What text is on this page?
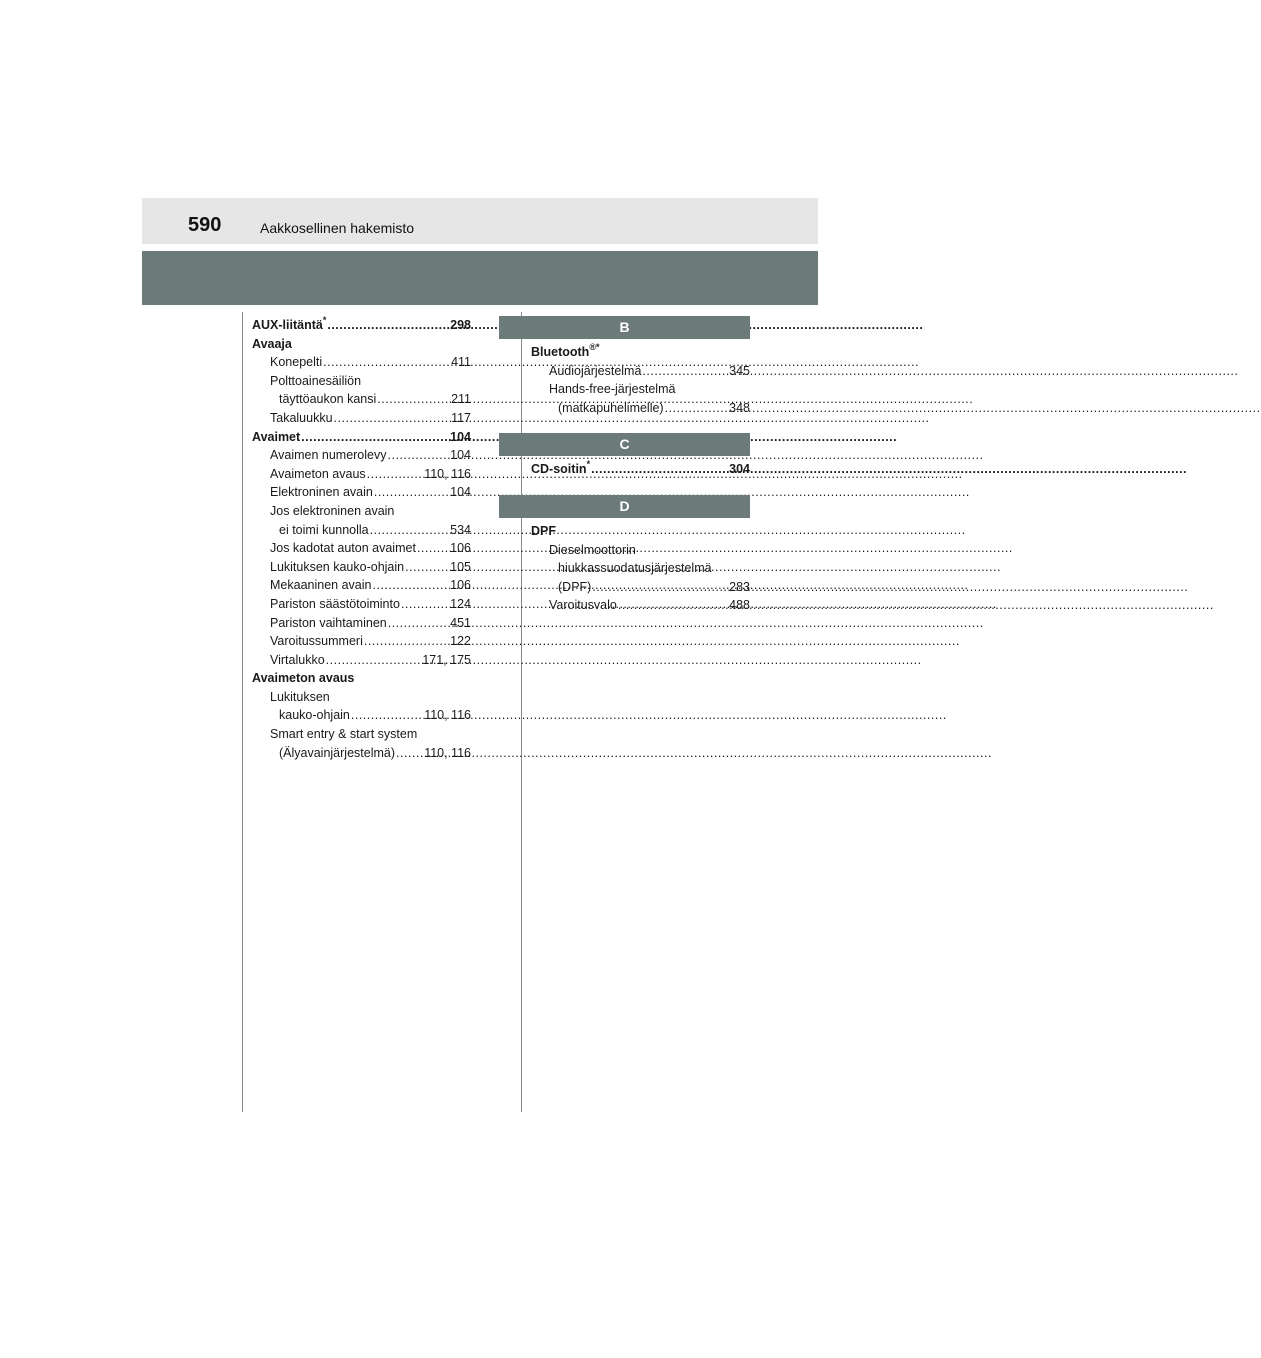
590	Aakkosellinen hakemisto
AUX-liitäntä* .....	298
Avaaja
Konepelti .....	411
Polttoainesäiliön
täyttöaukon kansi .....	211
Takaluukku .....	117
Avaimet .....	104
Avaimen numerolevy .....	104
Avaimeton avaus .....	110, 116
Elektroninen avain .....	104
Jos elektroninen avain
ei toimi kunnolla .....	534
Jos kadotat auton avaimet .....	106
Lukituksen kauko-ohjain .....	105
Mekaaninen avain .....	106
Pariston säästötoiminto .....	124
Pariston vaihtaminen .....	451
Varoitussummeri .....	122
Virtalukko .....	171, 175
Avaimeton avaus
Lukituksen
kauko-ohjain .....	110, 116
Smart entry & start system
(Älyavainjärjestelmä) ..... 110, 116
B
Bluetooth®*
Audiojärjestelmä .....	345
Hands-free-järjestelmä
(matkapuhelimelle) .....	348
C
CD-soitin* .....	304
D
DPF
Dieselmoottorin
hiukkassuodatusjärjestelmä
(DPF) .....	283
Varoitusvalo .....	488
